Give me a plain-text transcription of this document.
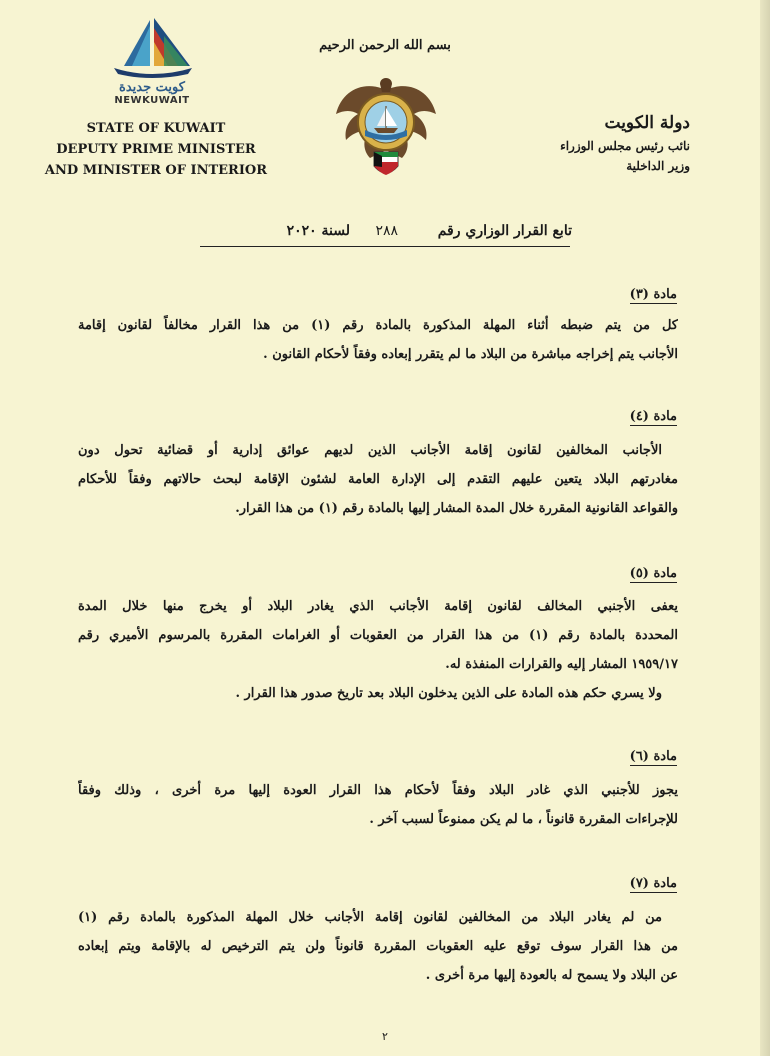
بسم الله الرحمن الرحيم
كويت جديدة
NEWKUWAIT
STATE OF KUWAIT
DEPUTY PRIME MINISTER
AND MINISTER OF INTERIOR
دولة الكويت
نائب رئيس مجلس الوزراء
وزير الداخلية
تابع القرار الوزاري رقم
٢٨٨
لسنة ٢٠٢٠
مادة (٣)
كل من يتم ضبطه أثناء المهلة المذكورة بالمادة رقم (١) من هذا القرار مخالفاً لقانون إقامة
الأجانب يتم إخراجه مباشرة من البلاد ما لم يتقرر إبعاده وفقاً لأحكام القانون .
مادة (٤)
الأجانب المخالفين لقانون إقامة الأجانب الذين لديهم عوائق إدارية أو قضائية تحول دون
مغادرتهم البلاد يتعين عليهم التقدم إلى الإدارة العامة لشئون الإقامة لبحث حالاتهم وفقاً للأحكام
والقواعد القانونية المقررة خلال المدة المشار إليها بالمادة رقم (١) من هذا القرار.
مادة (٥)
يعفى الأجنبي المخالف لقانون إقامة الأجانب الذي يغادر البلاد أو يخرج منها خلال المدة
المحددة بالمادة رقم (١) من هذا القرار من العقوبات أو الغرامات المقررة بالمرسوم الأميري رقم
١٩٥٩/١٧ المشار إليه والقرارات المنفذة له.
ولا يسري حكم هذه المادة على الذين يدخلون البلاد بعد تاريخ صدور هذا القرار .
مادة (٦)
يجوز للأجنبي الذي غادر البلاد وفقاً لأحكام هذا القرار العودة إليها مرة أخرى ، وذلك وفقاً
للإجراءات المقررة قانوناً ، ما لم يكن ممنوعاً لسبب آخر .
مادة (٧)
من لم يغادر البلاد من المخالفين لقانون إقامة الأجانب خلال المهلة المذكورة بالمادة رقم (١)
من هذا القرار سوف توقع عليه العقوبات المقررة قانوناً ولن يتم الترخيص له بالإقامة ويتم إبعاده
عن البلاد ولا يسمح له بالعودة إليها مرة أخرى .
٢
